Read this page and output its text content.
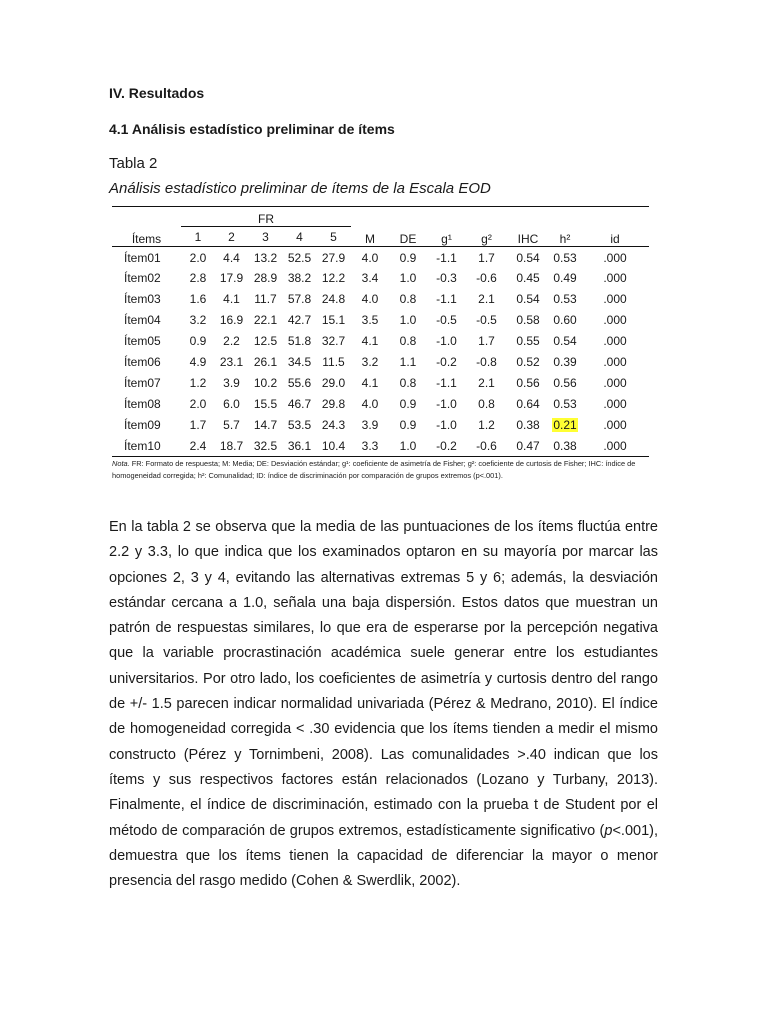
IV. Resultados
4.1 Análisis estadístico preliminar de ítems

Tabla 2

Análisis estadístico preliminar de ítems de la Escala EOD

Ítems	FR					M	DE	g¹	g²	IHC	h²	id
	1	2	3	4	5							
Ítem01	2.0	4.4	13.2	52.5	27.9	4.0	0.9	-1.1	1.7	0.54	0.53	.000
Ítem02	2.8	17.9	28.9	38.2	12.2	3.4	1.0	-0.3	-0.6	0.45	0.49	.000
Ítem03	1.6	4.1	11.7	57.8	24.8	4.0	0.8	-1.1	2.1	0.54	0.53	.000
Ítem04	3.2	16.9	22.1	42.7	15.1	3.5	1.0	-0.5	-0.5	0.58	0.60	.000
Ítem05	0.9	2.2	12.5	51.8	32.7	4.1	0.8	-1.0	1.7	0.55	0.54	.000
Ítem06	4.9	23.1	26.1	34.5	11.5	3.2	1.1	-0.2	-0.8	0.52	0.39	.000
Ítem07	1.2	3.9	10.2	55.6	29.0	4.1	0.8	-1.1	2.1	0.56	0.56	.000
Ítem08	2.0	6.0	15.5	46.7	29.8	4.0	0.9	-1.0	0.8	0.64	0.53	.000
Ítem09	1.7	5.7	14.7	53.5	24.3	3.9	0.9	-1.0	1.2	0.38	0.21	.000
Ítem10	2.4	18.7	32.5	36.1	10.4	3.3	1.0	-0.2	-0.6	0.47	0.38	.000

Nota. FR: Formato de respuesta; M: Media; DE: Desviación estándar; g¹: coeficiente de asimetría de Fisher; g²: coeficiente de curtosis de Fisher; IHC: índice de homogeneidad corregida; h²: Comunalidad; ID: índice de discriminación por comparación de grupos extremos (p<.001).

En la tabla 2 se observa que la media de las puntuaciones de los ítems fluctúa entre 2.2 y 3.3, lo que indica que los examinados optaron en su mayoría por marcar las opciones 2, 3 y 4, evitando las alternativas extremas 5 y 6; además, la desviación estándar cercana a 1.0, señala una baja dispersión. Estos datos que muestran un patrón de respuestas similares, lo que era de esperarse por la percepción negativa que la variable procrastinación académica suele generar entre los estudiantes universitarios. Por otro lado, los coeficientes de asimetría y curtosis dentro del rango de +/- 1.5 parecen indicar normalidad univariada (Pérez & Medrano, 2010). El índice de homogeneidad corregida < .30 evidencia que los ítems tienden a medir el mismo constructo (Pérez y Tornimbeni, 2008). Las comunalidades >.40 indican que los ítems y sus respectivos factores están relacionados (Lozano y Turbany, 2013). Finalmente, el índice de discriminación, estimado con la prueba t de Student por el método de comparación de grupos extremos, estadísticamente significativo (p<.001), demuestra que los ítems tienen la capacidad de diferenciar la mayor o menor presencia del rasgo medido (Cohen & Swerdlik, 2002).
